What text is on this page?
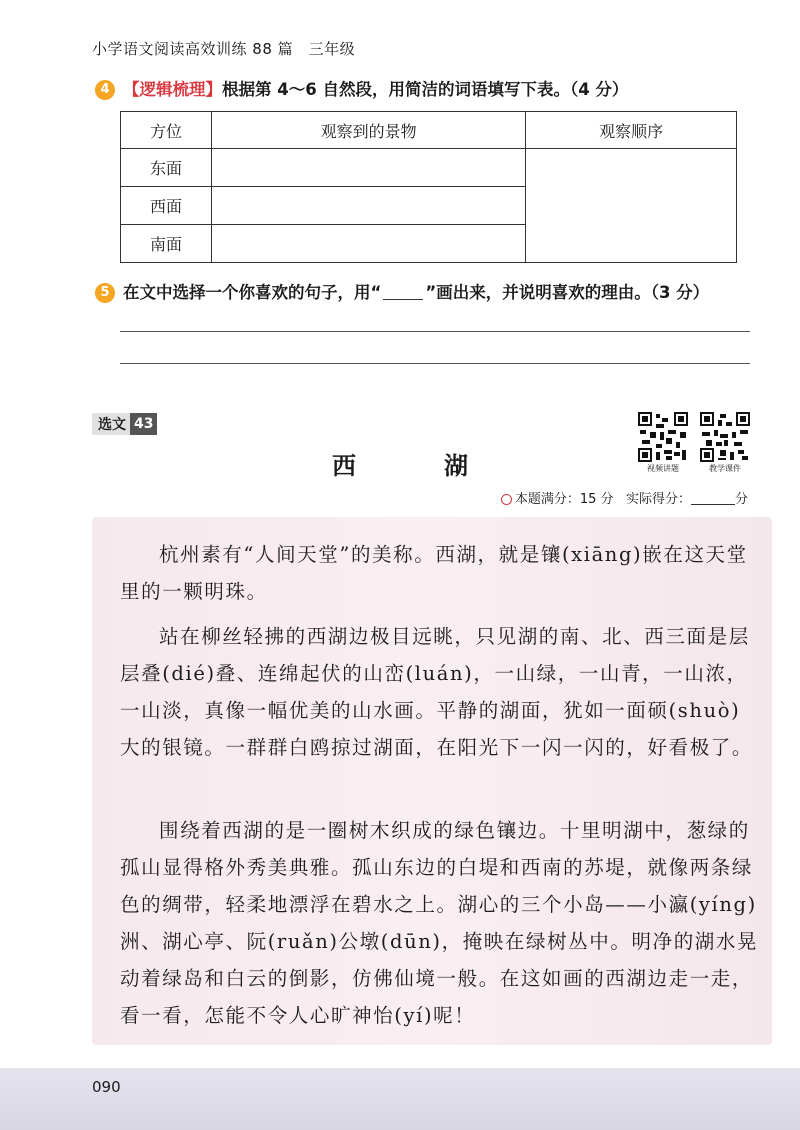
小学语文阅读高效训练 88 篇　三年级
4 【逻辑梳理】根据第 4～6 自然段，用简洁的词语填写下表。（4 分）
方位	观察到的景物	观察顺序
东面		
西面		
南面		
5 在文中选择一个你喜欢的句子，用“	”画出来，并说明喜欢的理由。（3 分）
选文 43
视频讲题	教学课件
西　湖
本题满分：15 分 实际得分：	分

杭州素有“人间天堂”的美称。西湖，就是镶(xiāng)嵌在这天堂里的一颗明珠。

站在柳丝轻拂的西湖边极目远眺，只见湖的南、北、西三面是层层叠(dié)叠、连绵起伏的山峦(luán)，一山绿，一山青，一山浓，一山淡，真像一幅优美的山水画。平静的湖面，犹如一面硕(shuò)大的银镜。一群群白鸥掠过湖面，在阳光下一闪一闪的，好看极了。

围绕着西湖的是一圈树木织成的绿色镶边。十里明湖中，葱绿的孤山显得格外秀美典雅。孤山东边的白堤和西南的苏堤，就像两条绿色的绸带，轻柔地漂浮在碧水之上。湖心的三个小岛——小瀛(yíng)洲、湖心亭、阮(ruǎn)公墩(dūn)，掩映在绿树丛中。明净的湖水晃动着绿岛和白云的倒影，仿佛仙境一般。在这如画的西湖边走一走，看一看，怎能不令人心旷神怡(yí)呢！

090
